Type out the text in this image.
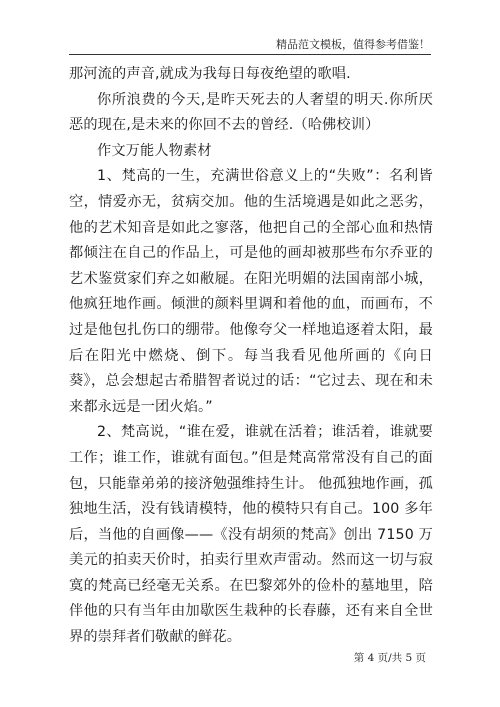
精品范文模板，值得参考借鉴！

那河流的声音,就成为我每日每夜绝望的歌唱.

你所浪费的今天,是昨天死去的人奢望的明天.你所厌恶的现在,是未来的你回不去的曾经.（哈佛校训）

作文万能人物素材

1、梵高的一生，充满世俗意义上的“失败”：名利皆空，情爱亦无，贫病交加。他的生活境遇是如此之恶劣，他的艺术知音是如此之寥落，他把自己的全部心血和热情都倾注在自己的作品上，可是他的画却被那些布尔乔亚的艺术鉴赏家们弃之如敝屣。在阳光明媚的法国南部小城，他疯狂地作画。倾泄的颜料里调和着他的血，而画布，不过是他包扎伤口的绷带。他像夸父一样地追逐着太阳，最后在阳光中燃烧、倒下。每当我看见他所画的《向日葵》，总会想起古希腊智者说过的话：“它过去、现在和未来都永远是一团火焰。”

2、梵高说，“谁在爱，谁就在活着；谁活着，谁就要工作；谁工作，谁就有面包。”但是梵高常常没有自己的面包，只能靠弟弟的接济勉强维持生计。 他孤独地作画，孤独地生活，没有钱请模特，他的模特只有自己。100 多年后，当他的自画像——《没有胡须的梵高》创出 7150 万美元的拍卖天价时，拍卖行里欢声雷动。然而这一切与寂寞的梵高已经毫无关系。在巴黎郊外的俭朴的墓地里，陪伴他的只有当年由加歇医生栽种的长春藤，还有来自全世界的崇拜者们敬献的鲜花。

第 4 页/共 5 页
